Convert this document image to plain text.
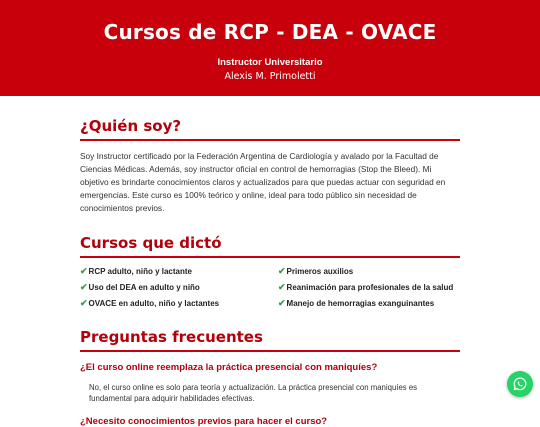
Cursos de RCP - DEA - OVACE
Instructor Universitario
Alexis M. Primoletti
¿Quién soy?

Soy Instructor certificado por la Federación Argentina de Cardiología y avalado por la Facultad de Ciencias Médicas. Además, soy instructor oficial en control de hemorragias (Stop the Bleed). Mi objetivo es brindarte conocimientos claros y actualizados para que puedas actuar con seguridad en emergencias. Este curso es 100% teórico y online, ideal para todo público sin necesidad de conocimientos previos.

Cursos que dictó
✔ RCP adulto, niño y lactante	✔ Primeros auxilios
✔ Uso del DEA en adulto y niño	✔ Reanimación para profesionales de la salud
✔ OVACE en adulto, niño y lactantes	✔ Manejo de hemorragias exanguinantes
Preguntas frecuentes
¿El curso online reemplaza la práctica presencial con maniquíes?

No, el curso online es solo para teoría y actualización. La práctica presencial con maniquíes es fundamental para adquirir habilidades efectivas.

¿Necesito conocimientos previos para hacer el curso?
